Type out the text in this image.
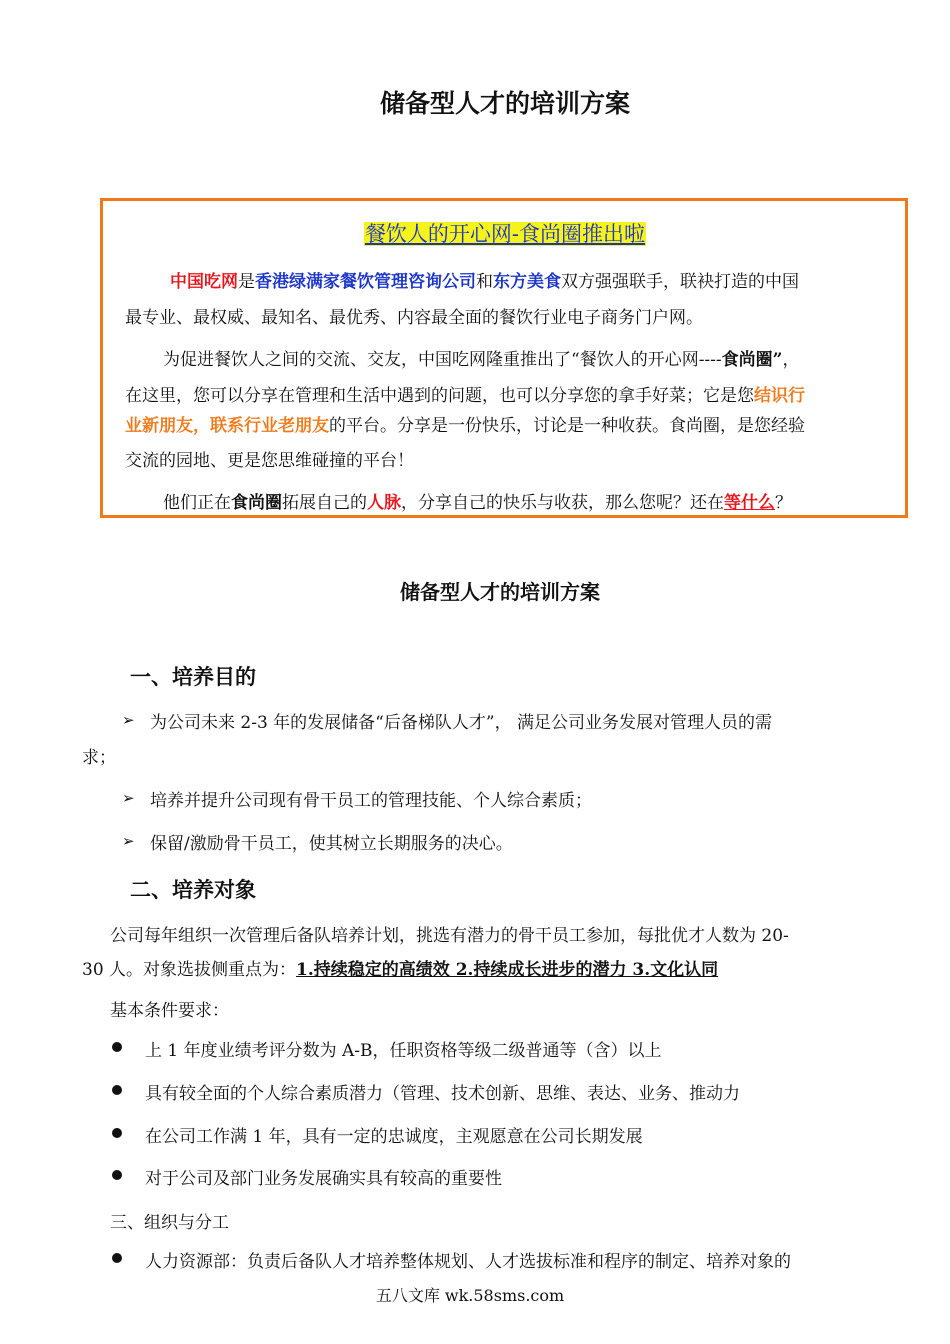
储备型人才的培训方案
餐饮人的开心网-食尚圈推出啦
中国吃网是香港绿满家餐饮管理咨询公司和东方美食双方强强联手，联袂打造的中国
最专业、最权威、最知名、最优秀、内容最全面的餐饮行业电子商务门户网。
为促进餐饮人之间的交流、交友，中国吃网隆重推出了“餐饮人的开心网----食尚圈”，
在这里，您可以分享在管理和生活中遇到的问题，也可以分享您的拿手好菜；它是您结识行
业新朋友，联系行业老朋友的平台。分享是一份快乐，讨论是一种收获。食尚圈，是您经验
交流的园地、更是您思维碰撞的平台！
他们正在食尚圈拓展自己的人脉，分享自己的快乐与收获，那么您呢？还在等什么？
储备型人才的培训方案
一、培养目的
➢ 为公司未来 2-3 年的发展储备“后备梯队人才”， 满足公司业务发展对管理人员的需
求；
➢ 培养并提升公司现有骨干员工的管理技能、个人综合素质；
➢ 保留/激励骨干员工，使其树立长期服务的决心。
二、培养对象
公司每年组织一次管理后备队培养计划，挑选有潜力的骨干员工参加，每批优才人数为 20-
30 人。对象选拔侧重点为：1.持续稳定的高绩效 2.持续成长进步的潜力 3.文化认同
基本条件要求：
上 1 年度业绩考评分数为 A-B，任职资格等级二级普通等（含）以上
具有较全面的个人综合素质潜力（管理、技术创新、思维、表达、业务、推动力
在公司工作满 1 年，具有一定的忠诚度，主观愿意在公司长期发展
对于公司及部门业务发展确实具有较高的重要性
三、组织与分工
人力资源部：负责后备队人才培养整体规划、人才选拔标准和程序的制定、培养对象的
五八文库 wk.58sms.com
